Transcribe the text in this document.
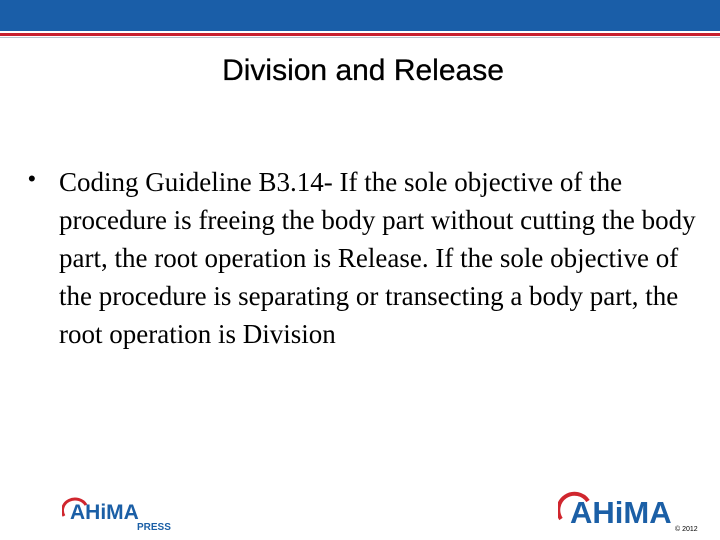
Division and Release
• Coding Guideline B3.14- If the sole objective of the procedure is freeing the body part without cutting the body part, the root operation is Release. If the sole objective of the procedure is separating or transecting a body part, the root operation is Division

AHiMA
PRESS	AHiMA © 2012
